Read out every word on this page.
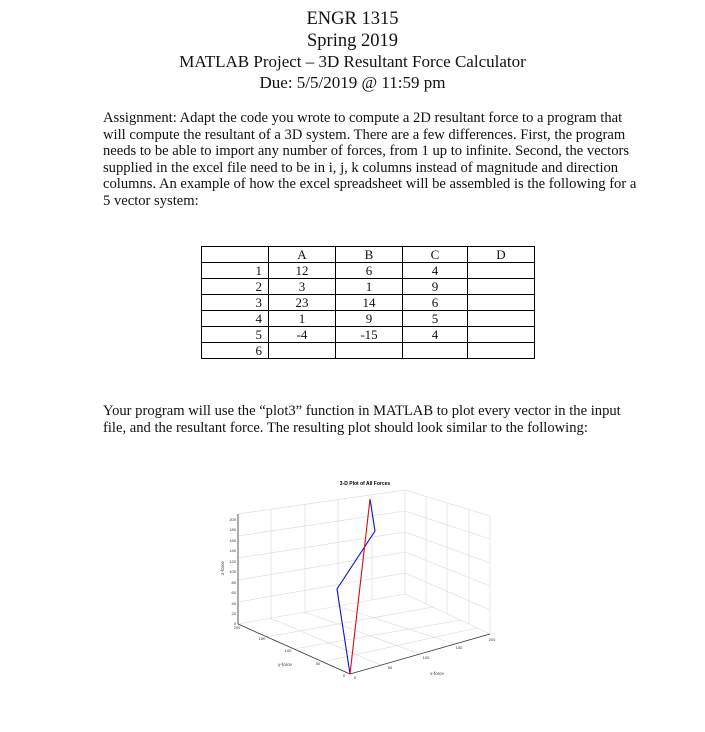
ENGR 1315
Spring 2019
MATLAB Project – 3D Resultant Force Calculator
Due: 5/5/2019 @ 11:59 pm
Assignment: Adapt the code you wrote to compute a 2D resultant force to a program that will compute the resultant of a 3D system. There are a few differences. First, the program needs to be able to import any number of forces, from 1 up to infinite. Second, the vectors supplied in the excel file need to be in i, j, k columns instead of magnitude and direction columns. An example of how the excel spreadsheet will be assembled is the following for a 5 vector system:
	A	B	C	D
1	12	6	4	
2	3	1	9	
3	23	14	6	
4	1	9	5	
5	-4	-15	4	
6				
Your program will use the “plot3” function in MATLAB to plot every vector in the input file, and the resultant force. The resulting plot should look similar to the following:
3-D Plot of All Forces
200
180
160
140
120
100
80
60
40
20
0
z-force
200
150
100
50
0
y-force
0
50
100
150
200
x-force
